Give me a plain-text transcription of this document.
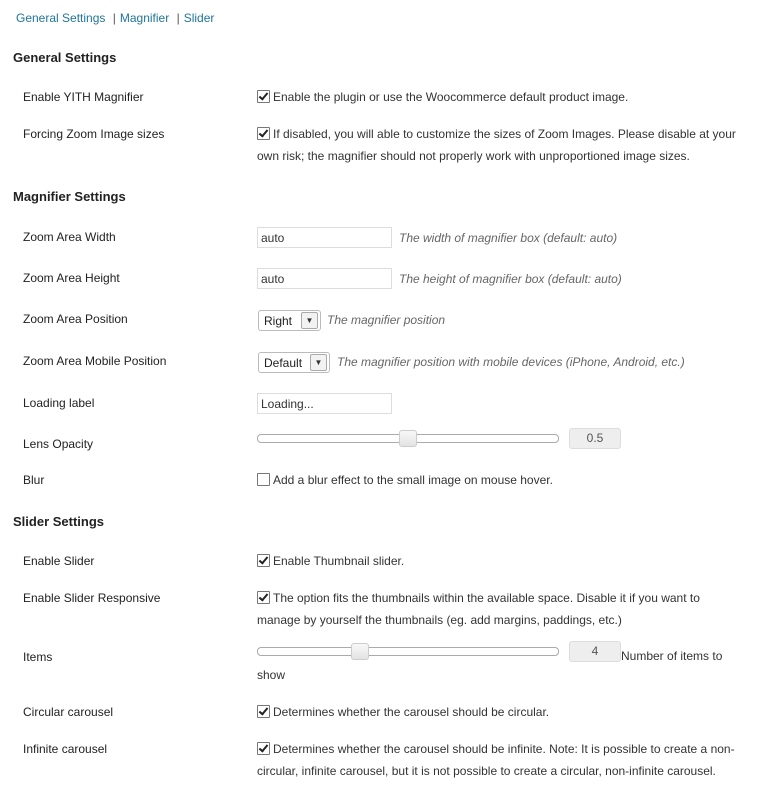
General Settings | Magnifier | Slider
General Settings
Enable YITH Magnifier	Enable the plugin or use the Woocommerce default product image.
Forcing Zoom Image sizes	If disabled, you will able to customize the sizes of Zoom Images. Please disable at your
own risk; the magnifier should not properly work with unproportioned image sizes.
Magnifier Settings
Zoom Area Width	auto	The width of magnifier box (default: auto)
Zoom Area Height	auto	The height of magnifier box (default: auto)
Zoom Area Position	Right	▼	The magnifier position
Zoom Area Mobile Position	Default	▼	The magnifier position with mobile devices (iPhone, Android, etc.)
Loading label	Loading...
Lens Opacity	0.5
Blur	Add a blur effect to the small image on mouse hover.
Slider Settings
Enable Slider	Enable Thumbnail slider.
Enable Slider Responsive	The option fits the thumbnails within the available space. Disable it if you want to
manage by yourself the thumbnails (eg. add margins, paddings, etc.)
Items	4	Number of items to
show
Circular carousel	Determines whether the carousel should be circular.
Infinite carousel	Determines whether the carousel should be infinite. Note: It is possible to create a non-
circular, infinite carousel, but it is not possible to create a circular, non-infinite carousel.
